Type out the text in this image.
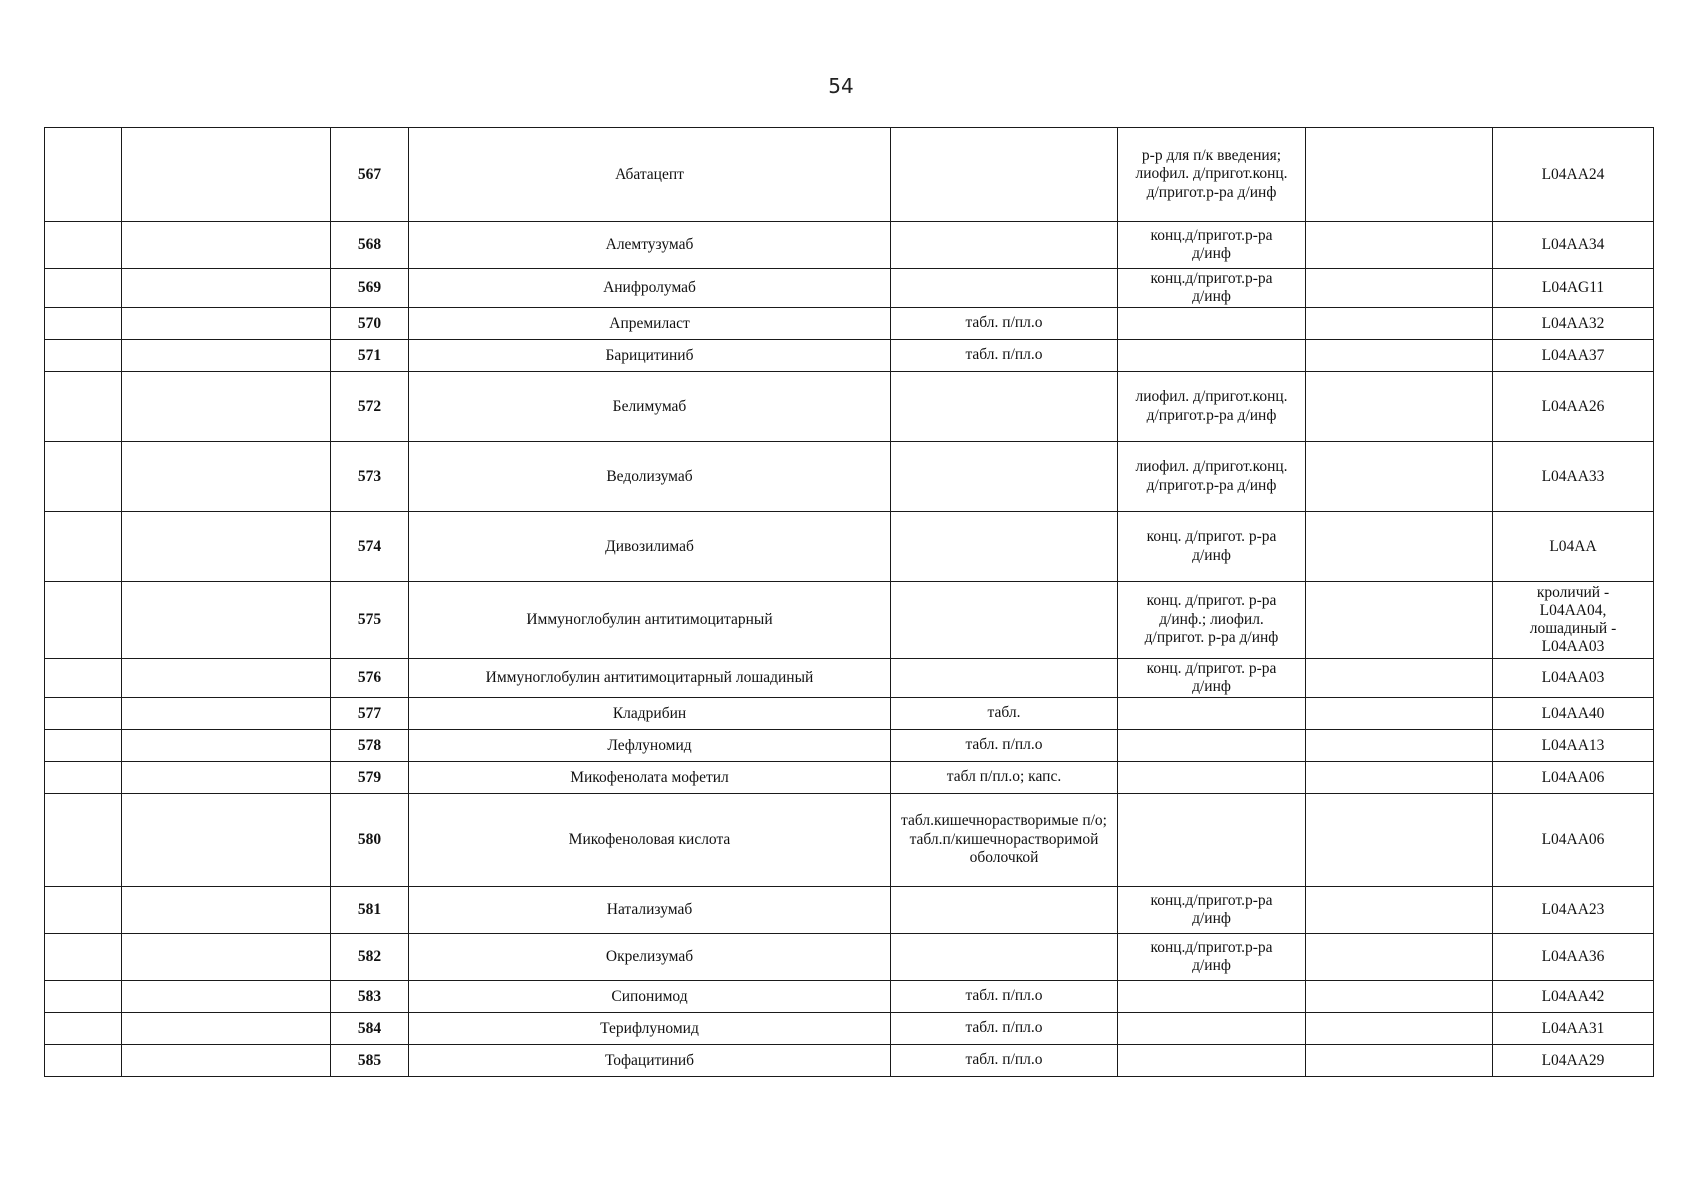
54
		567	Абатацепт		р-р для п/к введения;
лиофил. д/пригот.конц.
д/пригот.р-ра д/инф		L04AA24
		568	Алемтузумаб		конц.д/пригот.р-ра
д/инф		L04AA34
		569	Анифролумаб		конц.д/пригот.р-ра
д/инф		L04AG11
		570	Апремиласт	табл. п/пл.о			L04AA32
		571	Барицитиниб	табл. п/пл.о			L04AA37
		572	Белимумаб		лиофил. д/пригот.конц.
д/пригот.р-ра д/инф		L04AA26
		573	Ведолизумаб		лиофил. д/пригот.конц.
д/пригот.р-ра д/инф		L04AA33
		574	Дивозилимаб		конц. д/пригот. р-ра
д/инф		L04AA
		575	Иммуноглобулин антитимоцитарный		конц. д/пригот. р-ра
д/инф.; лиофил.
д/пригот. р-ра д/инф		кроличий -
L04AA04,
лошадиный -
L04AA03
		576	Иммуноглобулин антитимоцитарный лошадиный		конц. д/пригот. р-ра
д/инф		L04AA03
		577	Кладрибин	табл.			L04AA40
		578	Лефлуномид	табл. п/пл.о			L04AA13
		579	Микофенолата мофетил	табл п/пл.о; капс.			L04AA06
		580	Микофеноловая кислота	табл.кишечнорастворимые п/о; табл.п/кишечнорастворимой оболочкой			L04AA06
		581	Натализумаб		конц.д/пригот.р-ра
д/инф		L04AA23
		582	Окрелизумаб		конц.д/пригот.р-ра
д/инф		L04AA36
		583	Сипонимод	табл. п/пл.о			L04AA42
		584	Терифлуномид	табл. п/пл.о			L04AA31
		585	Тофацитиниб	табл. п/пл.о			L04AA29
